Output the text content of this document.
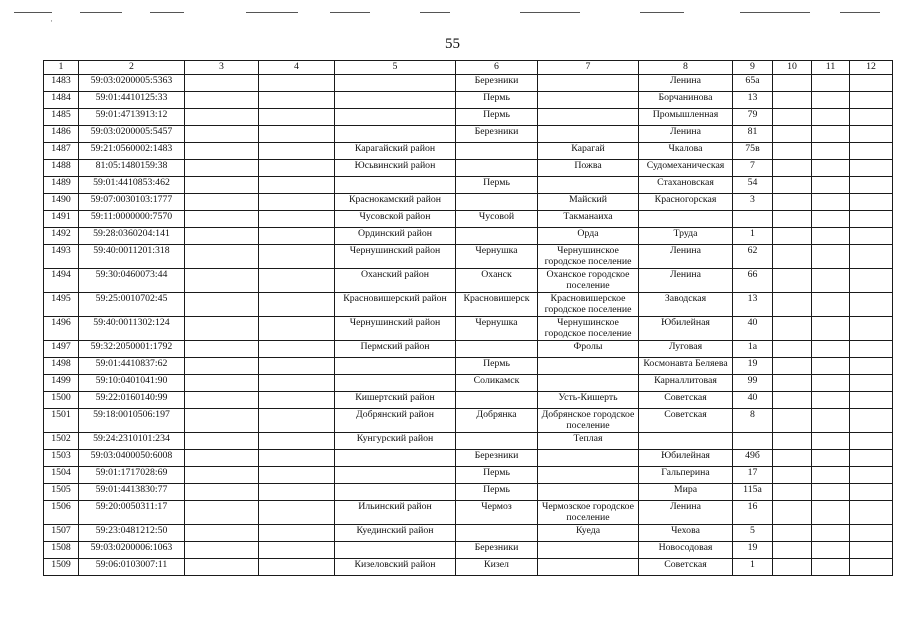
·
55
1	2	3	4	5	6	7	8	9	10	11	12
1483	59:03:0200005:5363				Березники		Ленина	65а			
1484	59:01:4410125:33				Пермь		Борчаниновa	13			
1485	59:01:4713913:12				Пермь		Промышленная	79			
1486	59:03:0200005:5457				Березники		Ленина	81			
1487	59:21:0560002:1483			Карагайский район		Карагай	Чкалова	75в			
1488	81:05:1480159:38			Юсьвинский район		Пожва	Судомеханическая	7			
1489	59:01:4410853:462				Пермь		Стахановская	54			
1490	59:07:0030103:1777			Краснокамский район		Майский	Красногорская	3			
1491	59:11:0000000:7570			Чусовской район	Чусовой	Такманаиха					
1492	59:28:0360204:141			Ординский район		Орда	Труда	1			
1493	59:40:0011201:318			Чернушинский район	Чернушка	Чернушинское городское поселение	Ленина	62			
1494	59:30:0460073:44			Оханский район	Оханск	Оханское городское поселение	Ленина	66			
1495	59:25:0010702:45			Красновишерский район	Красновишерск	Красновишерское городское поселение	Заводская	13			
1496	59:40:0011302:124			Чернушинский район	Чернушка	Чернушинское городское поселение	Юбилейная	40			
1497	59:32:2050001:1792			Пермский район		Фролы	Луговая	1а			
1498	59:01:4410837:62				Пермь		Космонавта Беляева	19			
1499	59:10:0401041:90				Соликамск		Карналлитовая	99			
1500	59:22:0160140:99			Кишертский район		Усть-Кишерть	Советская	40			
1501	59:18:0010506:197			Добрянский район	Добрянка	Добрянское городское поселение	Советская	8			
1502	59:24:2310101:234			Кунгурский район		Теплая					
1503	59:03:0400050:6008				Березники		Юбилейная	49б			
1504	59:01:1717028:69				Пермь		Гальперина	17			
1505	59:01:4413830:77				Пермь		Мира	115а			
1506	59:20:0050311:17			Ильинский район	Чермоз	Чермозское городское поселение	Ленина	16			
1507	59:23:0481212:50			Куединский район		Куеда	Чехова	5			
1508	59:03:0200006:1063				Березники		Новосодовая	19			
1509	59:06:0103007:11			Кизеловский район	Кизел		Советская	1			
